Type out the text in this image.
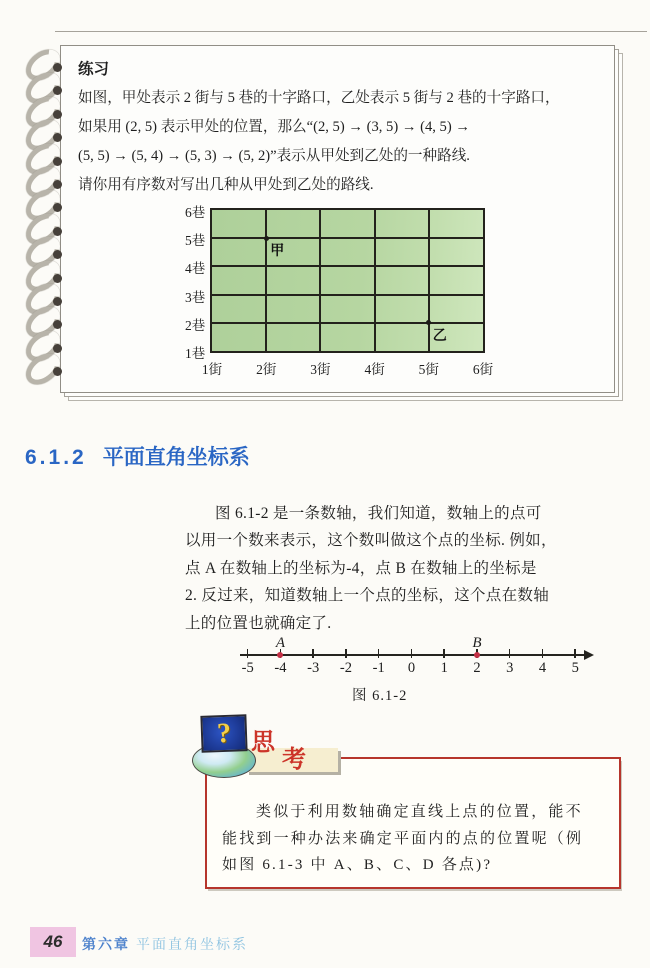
练习
如图，甲处表示 2 街与 5 巷的十字路口，乙处表示 5 街与 2 巷的十字路口，
如果用 (2, 5) 表示甲处的位置，那么“(2, 5) → (3, 5) → (4, 5) →
(5, 5) → (5, 4) → (5, 3) → (5, 2)”表示从甲处到乙处的一种路线.
请你用有序数对写出几种从甲处到乙处的路线.
6巷
5巷
4巷
3巷
2巷
1巷
1街	2街	3街	4街	5街	6街
甲
乙
6.1.2 平面直角坐标系
图 6.1-2 是一条数轴，我们知道，数轴上的点可
以用一个数来表示，这个数叫做这个点的坐标. 例如，
点 A 在数轴上的坐标为-4，点 B 在数轴上的坐标是
2. 反过来，知道数轴上一个点的坐标，这个点在数轴
上的位置也就确定了.
-5	-4	-3	-2	-1	0	1	2	3	4	5
A	B
图 6.1-2
思
考
?
类似于利用数轴确定直线上点的位置，能不
能找到一种办法来确定平面内的点的位置呢（例
如图 6.1-3 中 A、B、C、D 各点)?
46	第六章 平面直角坐标系
